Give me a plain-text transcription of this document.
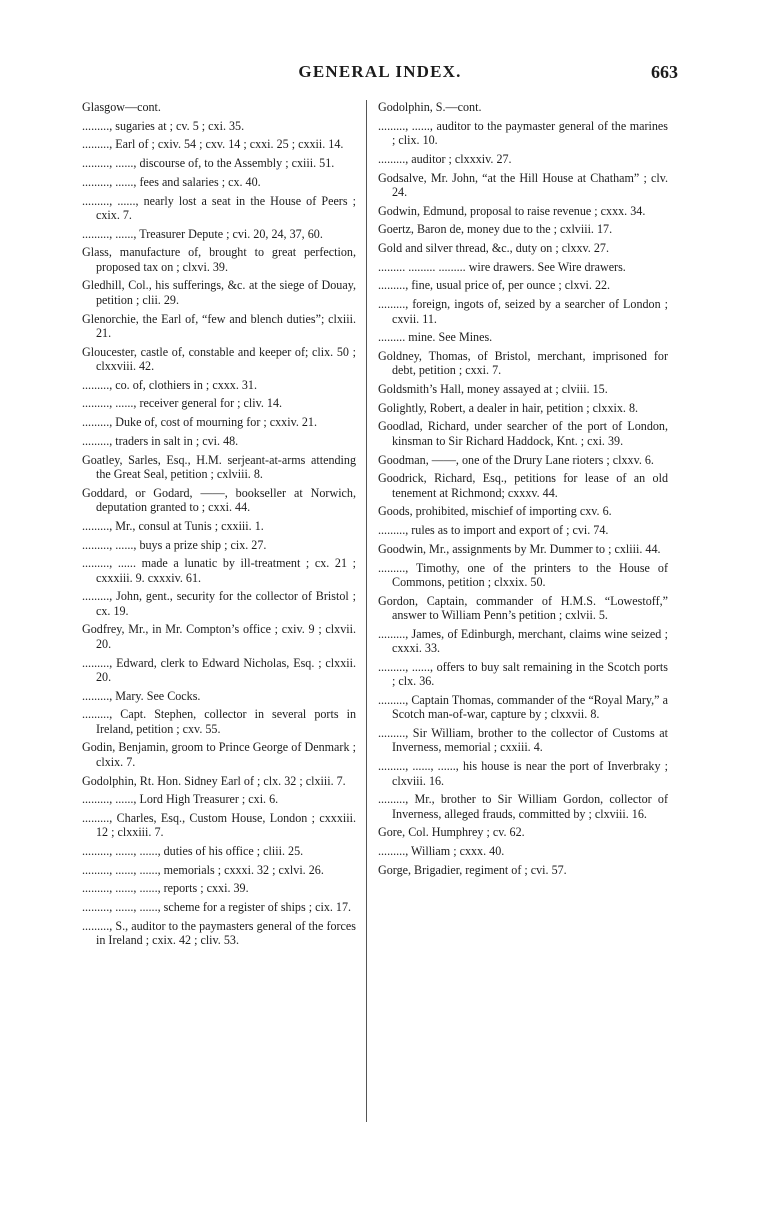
GENERAL INDEX.	663
Glasgow—cont.
........., sugaries at ; cv. 5 ; cxi. 35.
........., Earl of ; cxiv. 54 ; cxv. 14 ; cxxi. 25 ; cxxii. 14.
........., ......, discourse of, to the Assembly ; cxiii. 51.
........., ......, fees and salaries ; cx. 40.
........., ......, nearly lost a seat in the House of Peers ; cxix. 7.
........., ......, Treasurer Depute ; cvi. 20, 24, 37, 60.
Glass, manufacture of, brought to great perfection, proposed tax on ; clxvi. 39.
Gledhill, Col., his sufferings, &c. at the siege of Douay, petition ; clii. 29.
Glenorchie, the Earl of, “few and blench duties”; clxiii. 21.
Gloucester, castle of, constable and keeper of; clix. 50 ; clxxviii. 42.
........., co. of, clothiers in ; cxxx. 31.
........., ......, receiver general for ; cliv. 14.
........., Duke of, cost of mourning for ; cxxiv. 21.
........., traders in salt in ; cvi. 48.
Goatley, Sarles, Esq., H.M. serjeant-at-arms attending the Great Seal, petition ; cxlviii. 8.
Goddard, or Godard, ——, bookseller at Norwich, deputation granted to ; cxxi. 44.
........., Mr., consul at Tunis ; cxxiii. 1.
........., ......, buys a prize ship ; cix. 27.
........., ...... made a lunatic by ill-treatment ; cx. 21 ; cxxxiii. 9. cxxxiv. 61.
........., John, gent., security for the collector of Bristol ; cx. 19.
Godfrey, Mr., in Mr. Compton’s office ; cxiv. 9 ; clxvii. 20.
........., Edward, clerk to Edward Nicholas, Esq. ; clxxii. 20.
........., Mary. See Cocks.
........., Capt. Stephen, collector in several ports in Ireland, petition ; cxv. 55.
Godin, Benjamin, groom to Prince George of Denmark ; clxix. 7.
Godolphin, Rt. Hon. Sidney Earl of ; clx. 32 ; clxiii. 7.
........., ......, Lord High Treasurer ; cxi. 6.
........., Charles, Esq., Custom House, London ; cxxxiii. 12 ; clxxiii. 7.
........., ......, ......, duties of his office ; cliii. 25.
........., ......, ......, memorials ; cxxxi. 32 ; cxlvi. 26.
........., ......, ......, reports ; cxxi. 39.
........., ......, ......, scheme for a register of ships ; cix. 17.
........., S., auditor to the paymasters general of the forces in Ireland ; cxix. 42 ; cliv. 53.
Godolphin, S.—cont.
........., ......, auditor to the paymaster general of the marines ; clix. 10.
........., auditor ; clxxxiv. 27.
Godsalve, Mr. John, “at the Hill House at Chatham” ; clv. 24.
Godwin, Edmund, proposal to raise revenue ; cxxx. 34.
Goertz, Baron de, money due to the ; cxlviii. 17.
Gold and silver thread, &c., duty on ; clxxv. 27.
......... ......... ......... wire drawers. See Wire drawers.
........., fine, usual price of, per ounce ; clxvi. 22.
........., foreign, ingots of, seized by a searcher of London ; cxvii. 11.
......... mine. See Mines.
Goldney, Thomas, of Bristol, merchant, imprisoned for debt, petition ; cxxi. 7.
Goldsmith’s Hall, money assayed at ; clviii. 15.
Golightly, Robert, a dealer in hair, petition ; clxxix. 8.
Goodlad, Richard, under searcher of the port of London, kinsman to Sir Richard Haddock, Knt. ; cxi. 39.
Goodman, ——, one of the Drury Lane rioters ; clxxv. 6.
Goodrick, Richard, Esq., petitions for lease of an old tenement at Richmond; cxxxv. 44.
Goods, prohibited, mischief of importing cxv. 6.
........., rules as to import and export of ; cvi. 74.
Goodwin, Mr., assignments by Mr. Dummer to ; cxliii. 44.
........., Timothy, one of the printers to the House of Commons, petition ; clxxix. 50.
Gordon, Captain, commander of H.M.S. “Lowestoff,” answer to William Penn’s petition ; cxlvii. 5.
........., James, of Edinburgh, merchant, claims wine seized ; cxxxi. 33.
........., ......, offers to buy salt remaining in the Scotch ports ; clx. 36.
........., Captain Thomas, commander of the “Royal Mary,” a Scotch man-of-war, capture by ; clxxvii. 8.
........., Sir William, brother to the collector of Customs at Inverness, memorial ; cxxiii. 4.
........., ......, ......, his house is near the port of Inverbraky ; clxviii. 16.
........., Mr., brother to Sir William Gordon, collector of Inverness, alleged frauds, committed by ; clxviii. 16.
Gore, Col. Humphrey ; cv. 62.
........., William ; cxxx. 40.
Gorge, Brigadier, regiment of ; cvi. 57.
